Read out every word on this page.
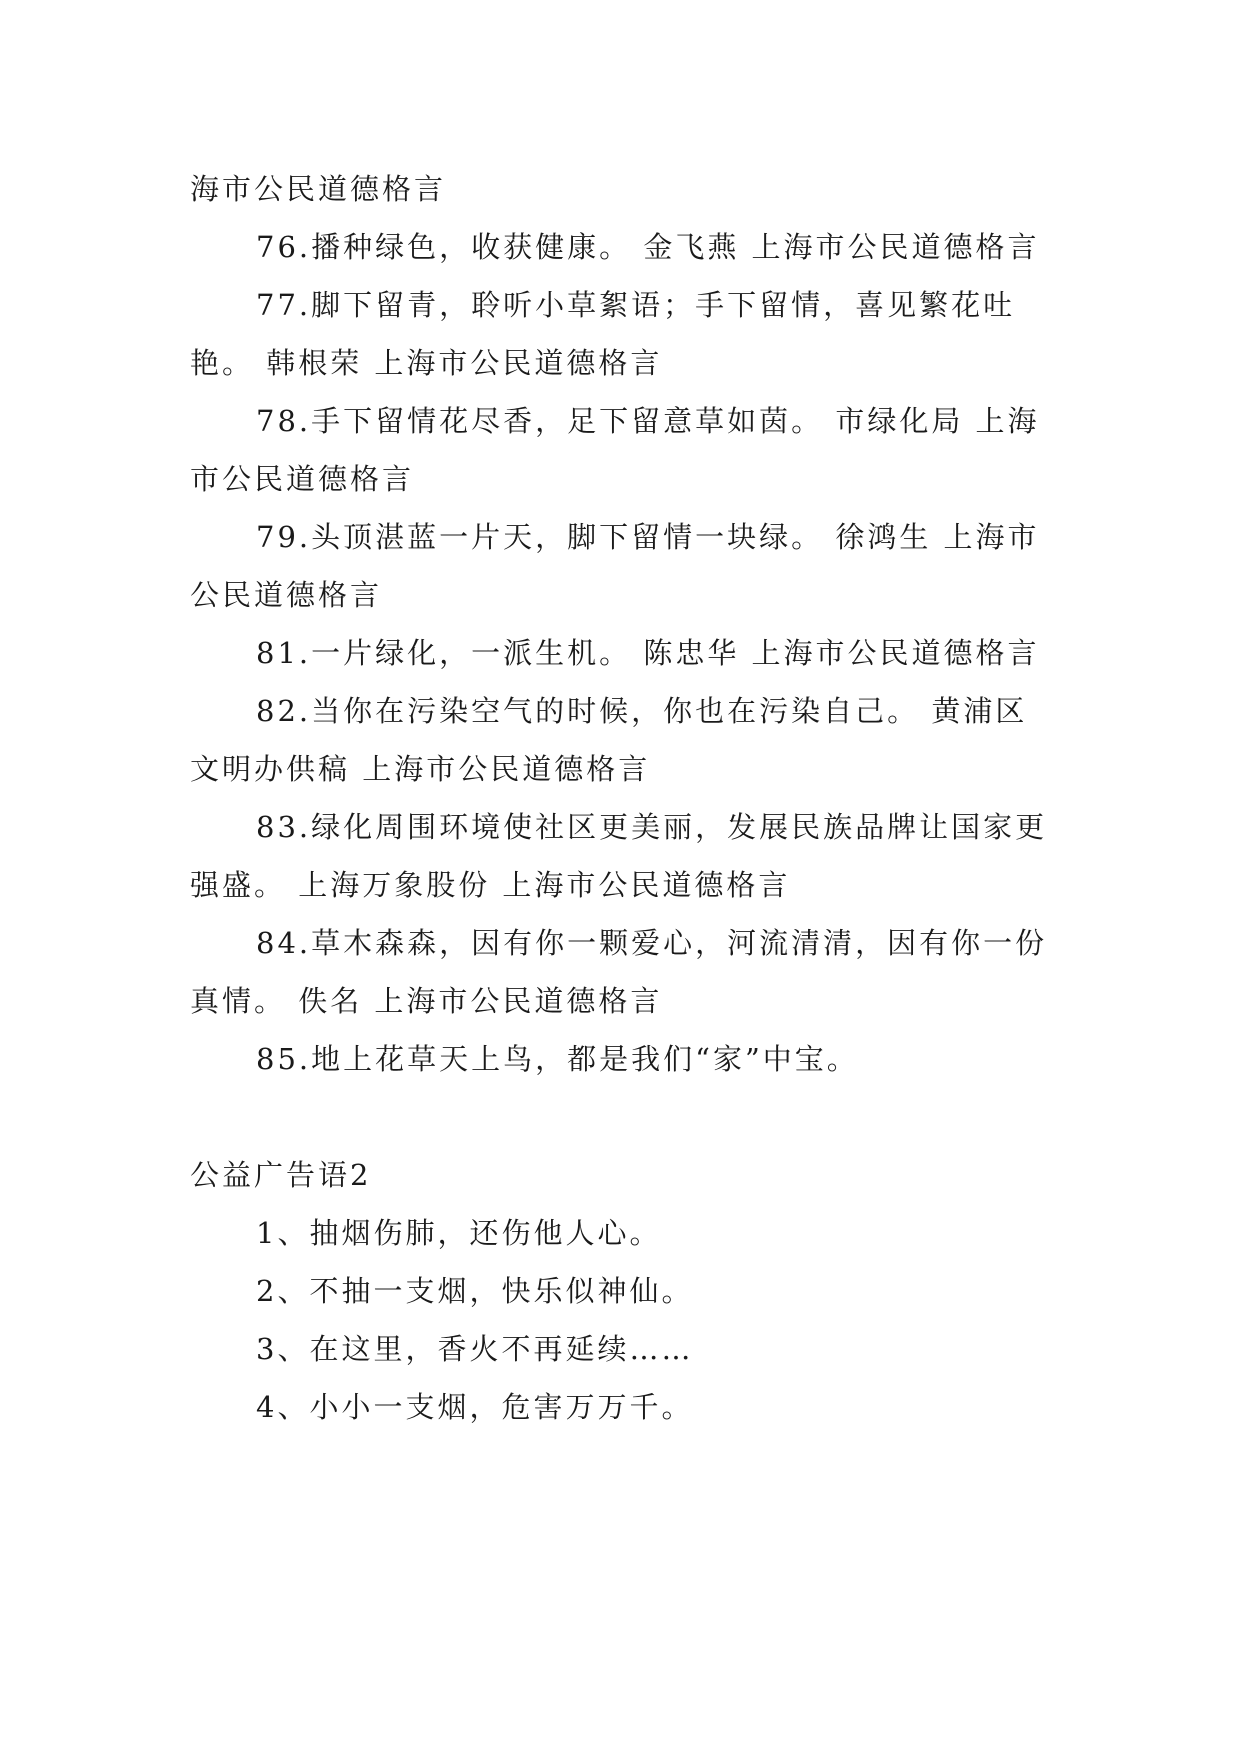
海市公民道德格言

76.播种绿色，收获健康。 金飞燕 上海市公民道德格言

77.脚下留青，聆听小草絮语；手下留情，喜见繁花吐艳。 韩根荣 上海市公民道德格言

78.手下留情花尽香，足下留意草如茵。 市绿化局 上海市公民道德格言

79.头顶湛蓝一片天，脚下留情一块绿。 徐鸿生 上海市公民道德格言

81.一片绿化，一派生机。 陈忠华 上海市公民道德格言

82.当你在污染空气的时候，你也在污染自己。 黄浦区文明办供稿 上海市公民道德格言

83.绿化周围环境使社区更美丽，发展民族品牌让国家更强盛。 上海万象股份 上海市公民道德格言

84.草木森森，因有你一颗爱心，河流清清，因有你一份真情。 佚名 上海市公民道德格言

85.地上花草天上鸟，都是我们“家”中宝。

公益广告语2

1、抽烟伤肺，还伤他人心。

2、不抽一支烟，快乐似神仙。

3、在这里，香火不再延续……

4、小小一支烟，危害万万千。
